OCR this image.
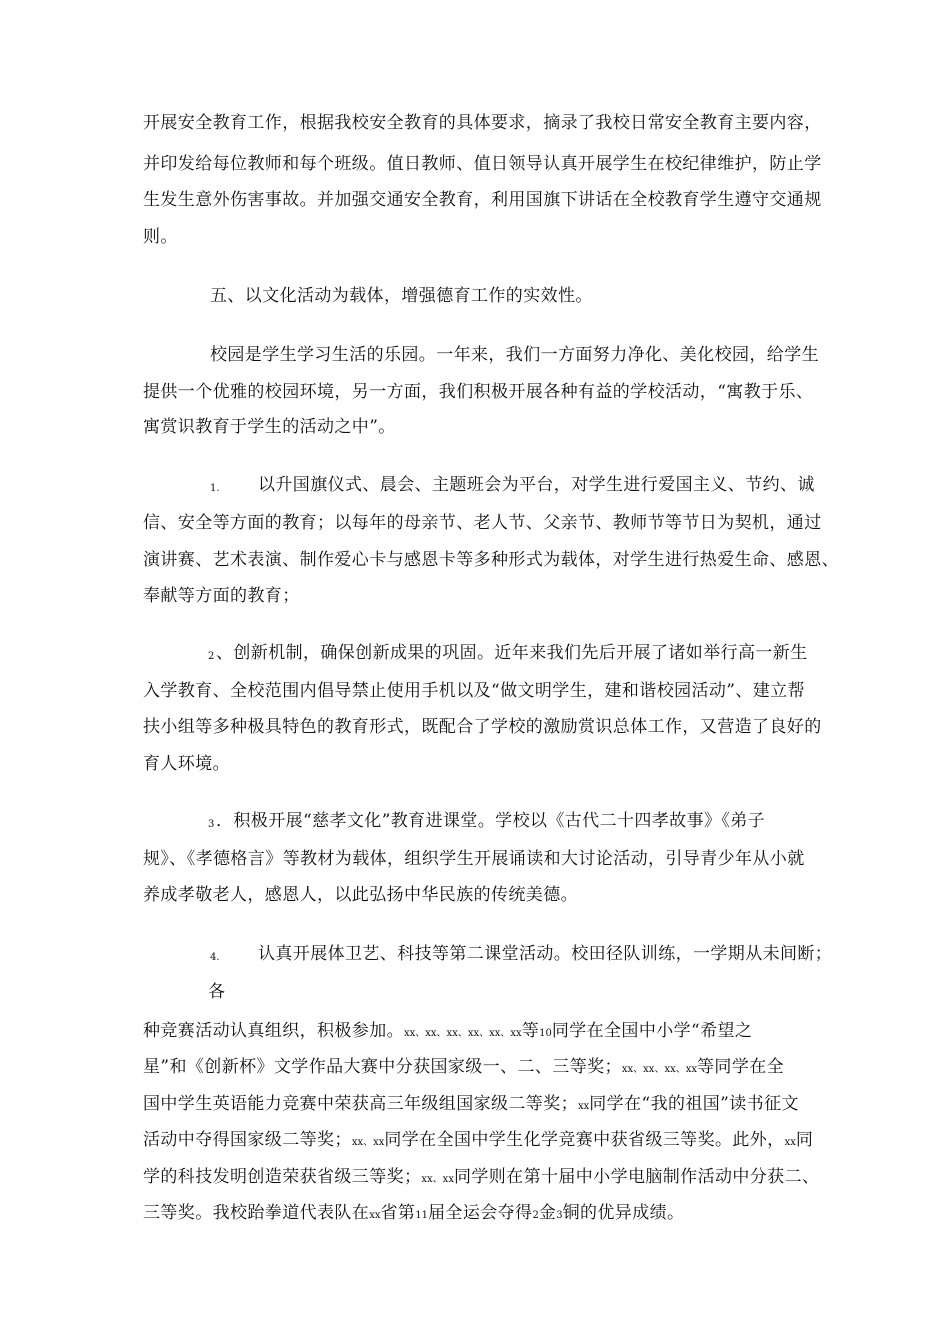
开展安全教育工作，根据我校安全教育的具体要求，摘录了我校日常安全教育主要内容，
并印发给每位教师和每个班级。值日教师、值日领导认真开展学生在校纪律维护，防止学
生发生意外伤害事故。并加强交通安全教育，利用国旗下讲话在全校教育学生遵守交通规
则。
五、以文化活动为载体，增强德育工作的实效性。
校园是学生学习生活的乐园。一年来，我们一方面努力净化、美化校园，给学生
提供一个优雅的校园环境，另一方面，我们积极开展各种有益的学校活动，“寓教于乐、
寓赏识教育于学生的活动之中”。
1. 以升国旗仪式、晨会、主题班会为平台，对学生进行爱国主义、节约、诚
信、安全等方面的教育；以每年的母亲节、老人节、父亲节、教师节等节日为契机，通过
演讲赛、艺术表演、制作爱心卡与感恩卡等多种形式为载体，对学生进行热爱生命、感恩、
奉献等方面的教育；
2 、创新机制，确保创新成果的巩固。近年来我们先后开展了诸如举行高一新生
入学教育、全校范围内倡导禁止使用手机以及“做文明学生，建和谐校园活动”、建立帮
扶小组等多种极具特色的教育形式，既配合了学校的激励赏识总体工作，又营造了良好的
育人环境。
3 ．积极开展“慈孝文化”教育进课堂。学校以《古代二十四孝故事》《弟子
规》、《孝德格言》等教材为载体，组织学生开展诵读和大讨论活动，引导青少年从小就
养成孝敬老人，感恩人，以此弘扬中华民族的传统美德。
4. 认真开展体卫艺、科技等第二课堂活动。校田径队训练，一学期从未间断；
各
种竞赛活动认真组织，积极参加。xx、xx、xx、xx、xx、xx等10同学在全国中小学“希望之
星”和《创新杯》文学作品大赛中分获国家级一、二、三等奖；xx、xx、xx、xx等同学在全
国中学生英语能力竞赛中荣获高三年级组国家级二等奖；xx同学在“我的祖国”读书征文
活动中夺得国家级二等奖；xx、xx同学在全国中学生化学竞赛中获省级三等奖。此外，xx同
学的科技发明创造荣获省级三等奖；xx、xx同学则在第十届中小学电脑制作活动中分获二、
三等奖。我校跆拳道代表队在xx省第11届全运会夺得2金3铜的优异成绩。
